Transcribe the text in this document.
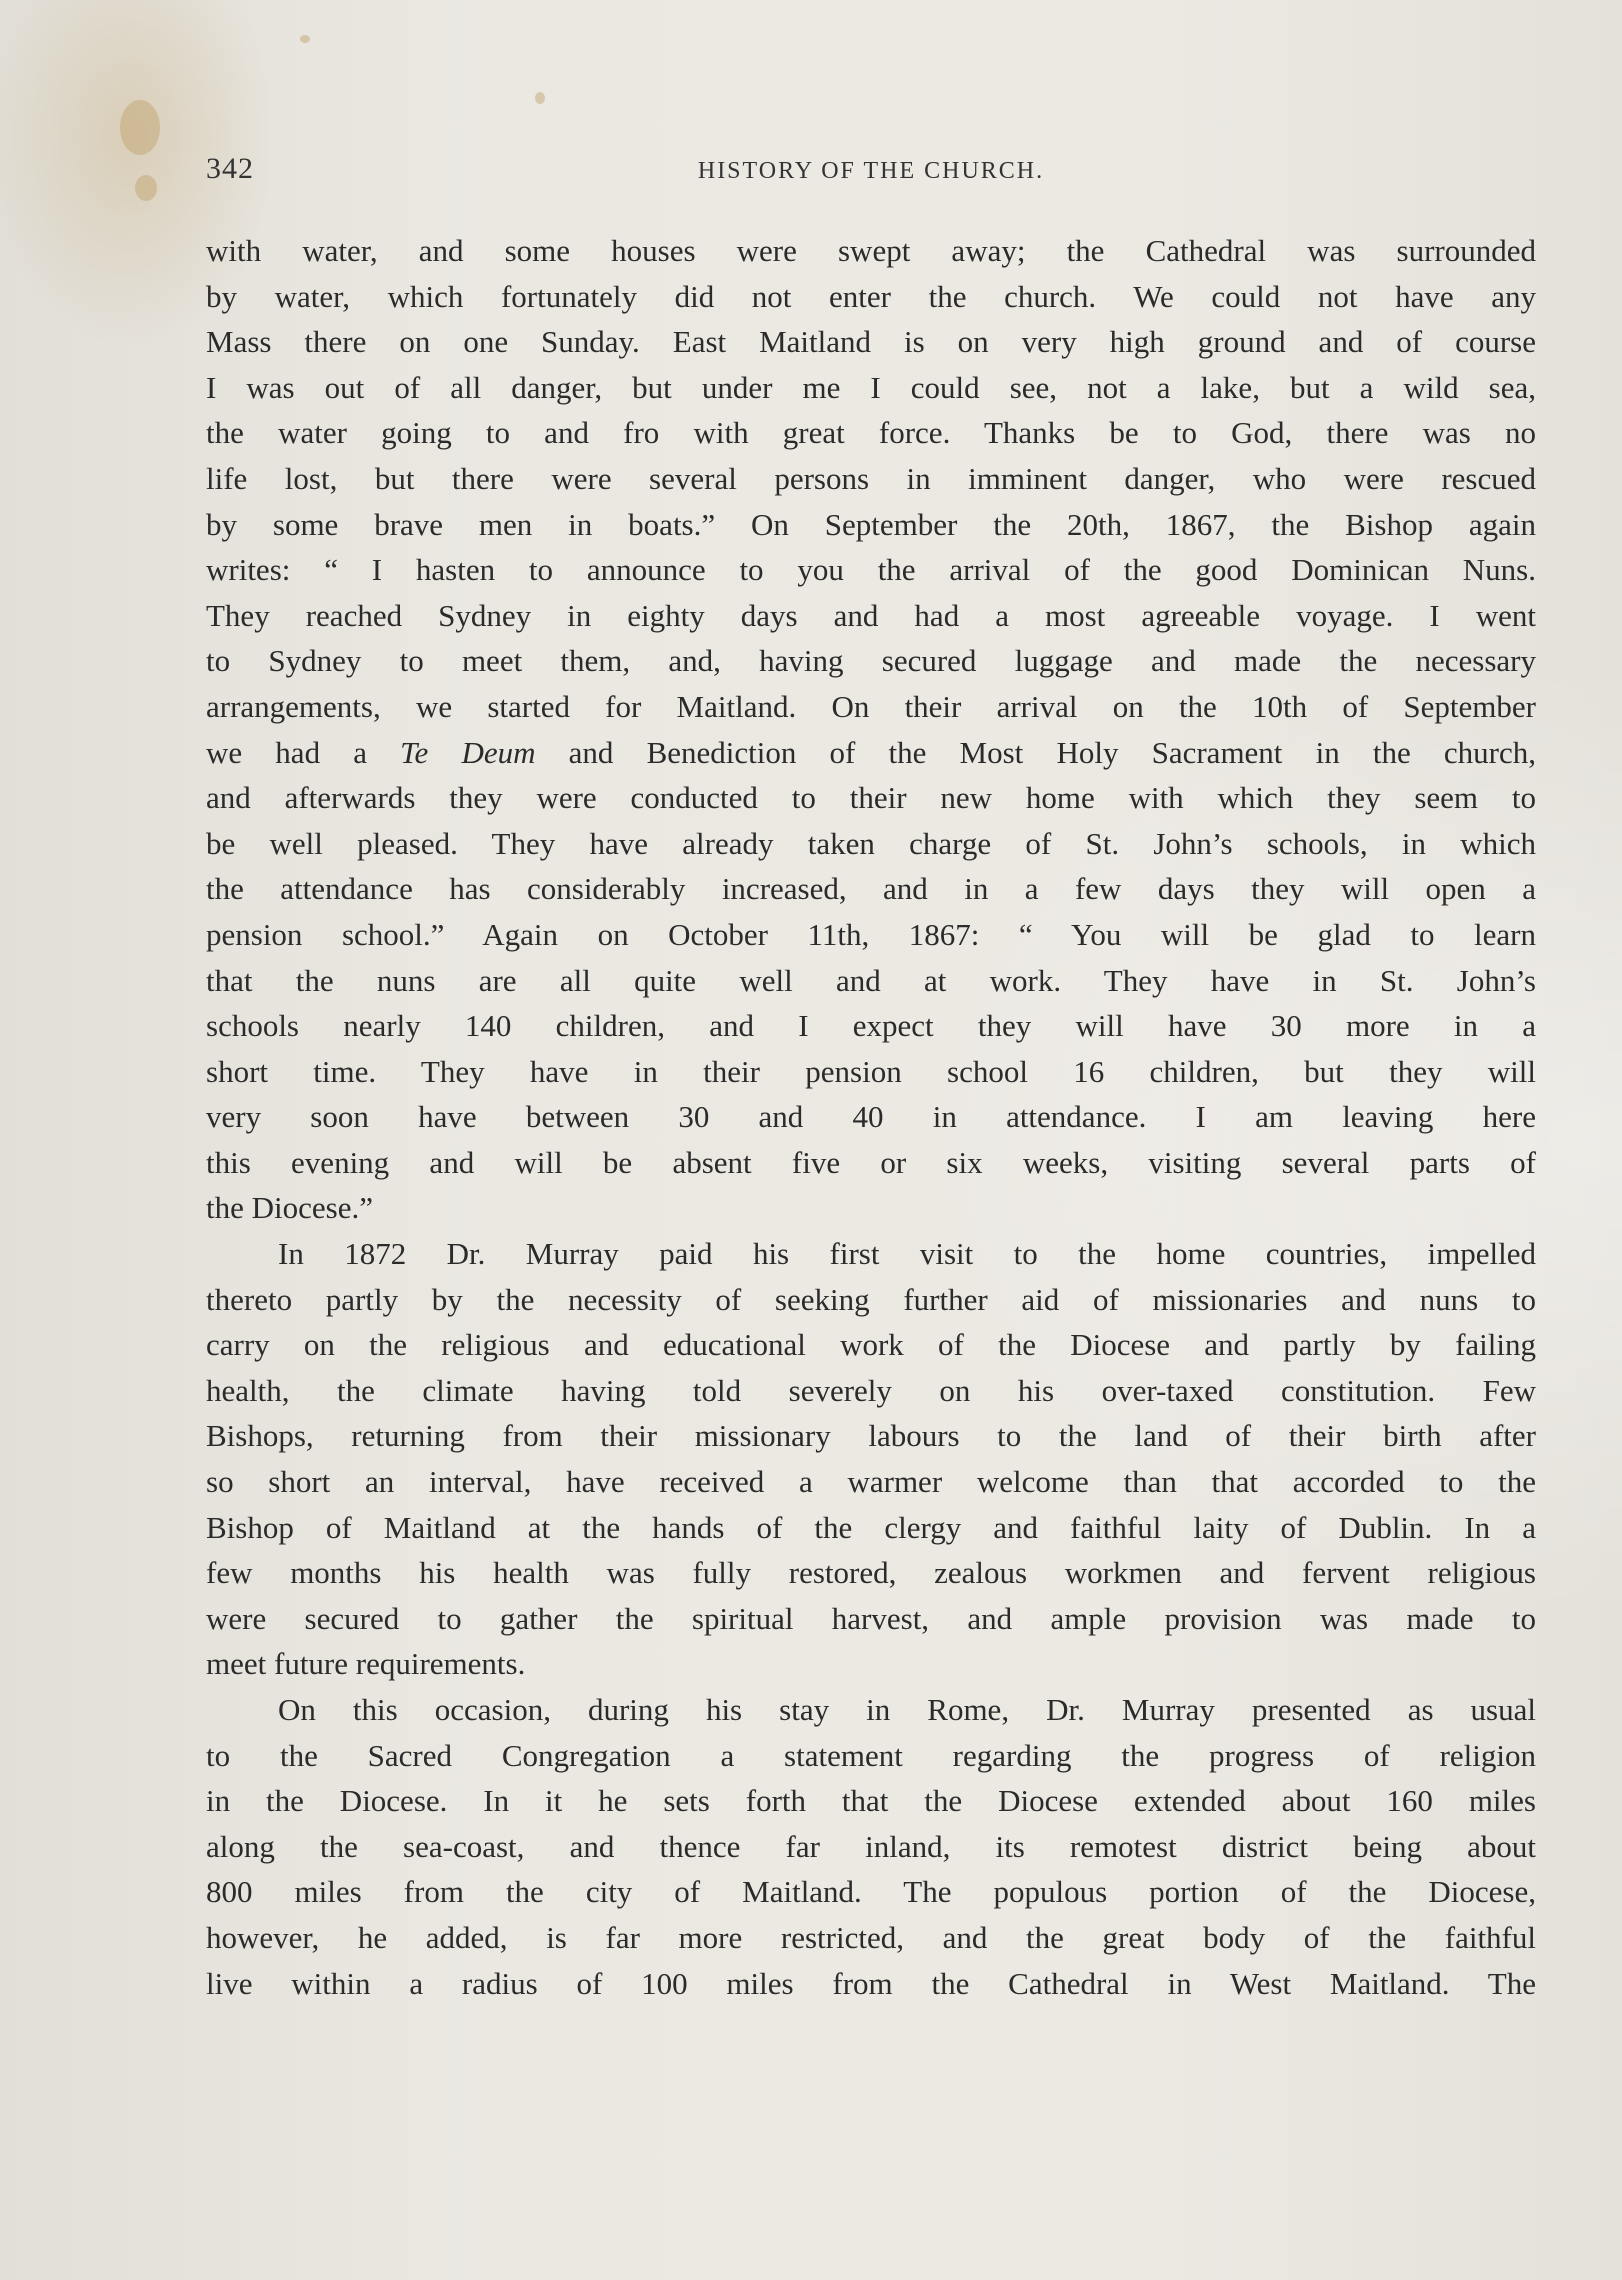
342	HISTORY OF THE CHURCH.
with water, and some houses were swept away; the Cathedral was surrounded
by water, which fortunately did not enter the church. We could not have any
Mass there on one Sunday. East Maitland is on very high ground and of course
I was out of all danger, but under me I could see, not a lake, but a wild sea,
the water going to and fro with great force. Thanks be to God, there was no
life lost, but there were several persons in imminent danger, who were rescued
by some brave men in boats.” On September the 20th, 1867, the Bishop again
writes: “ I hasten to announce to you the arrival of the good Dominican Nuns.
They reached Sydney in eighty days and had a most agreeable voyage. I went
to Sydney to meet them, and, having secured luggage and made the necessary
arrangements, we started for Maitland. On their arrival on the 10th of September
we had a Te Deum and Benediction of the Most Holy Sacrament in the church,
and afterwards they were conducted to their new home with which they seem to
be well pleased. They have already taken charge of St. John’s schools, in which
the attendance has considerably increased, and in a few days they will open a
pension school.” Again on October 11th, 1867: “ You will be glad to learn
that the nuns are all quite well and at work. They have in St. John’s
schools nearly 140 children, and I expect they will have 30 more in a
short time. They have in their pension school 16 children, but they will
very soon have between 30 and 40 in attendance. I am leaving here
this evening and will be absent five or six weeks, visiting several parts of
the Diocese.”
In 1872 Dr. Murray paid his first visit to the home countries, impelled
thereto partly by the necessity of seeking further aid of missionaries and nuns to
carry on the religious and educational work of the Diocese and partly by failing
health, the climate having told severely on his over-taxed constitution. Few
Bishops, returning from their missionary labours to the land of their birth after
so short an interval, have received a warmer welcome than that accorded to the
Bishop of Maitland at the hands of the clergy and faithful laity of Dublin. In a
few months his health was fully restored, zealous workmen and fervent religious
were secured to gather the spiritual harvest, and ample provision was made to
meet future requirements.
On this occasion, during his stay in Rome, Dr. Murray presented as usual
to the Sacred Congregation a statement regarding the progress of religion
in the Diocese. In it he sets forth that the Diocese extended about 160 miles
along the sea-coast, and thence far inland, its remotest district being about
800 miles from the city of Maitland. The populous portion of the Diocese,
however, he added, is far more restricted, and the great body of the faithful
live within a radius of 100 miles from the Cathedral in West Maitland. The
